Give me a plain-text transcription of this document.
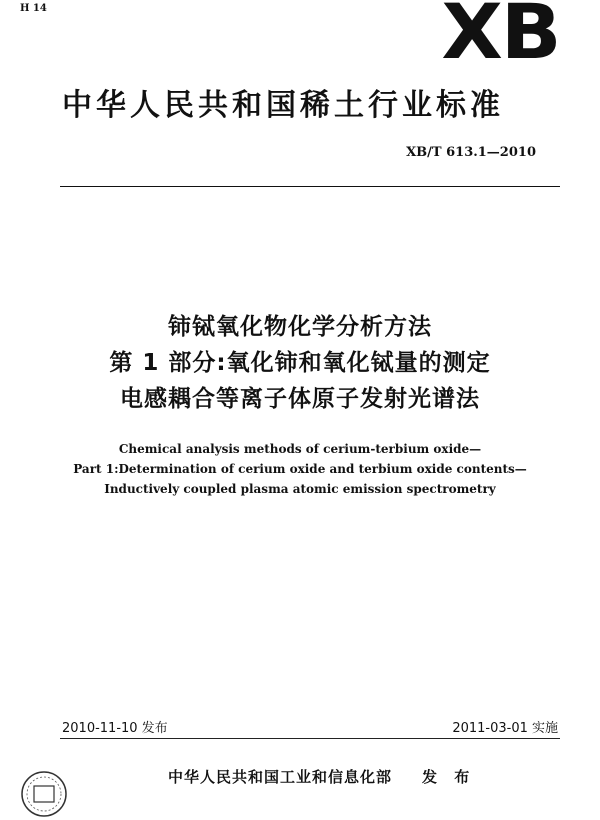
H 14	XB
中华人民共和国稀土行业标准
XB/T 613.1—2010
铈铽氧化物化学分析方法
第 1 部分:氧化铈和氧化铽量的测定
电感耦合等离子体原子发射光谱法
Chemical analysis methods of cerium-terbium oxide—
Part 1:Determination of cerium oxide and terbium oxide contents—
Inductively coupled plasma atomic emission spectrometry
2010-11-10 发布	2011-03-01 实施
中华人民共和国工业和信息化部 发 布
